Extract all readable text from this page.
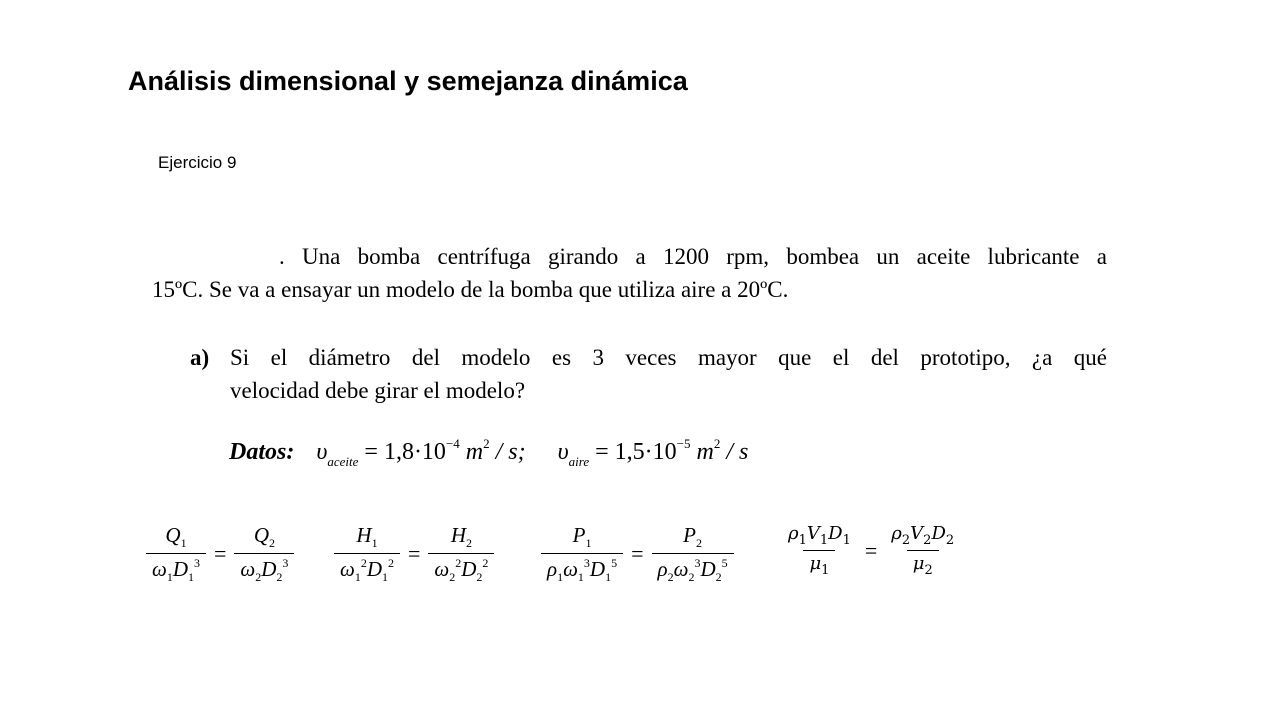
Análisis dimensional y semejanza dinámica
Ejercicio 9
. Una bomba centrífuga girando a 1200 rpm, bombea un aceite lubricante a
15ºC. Se va a ensayar un modelo de la bomba que utiliza aire a 20ºC.
a) Si el diámetro del modelo es 3 veces mayor que el del prototipo, ¿a qué
velocidad debe girar el modelo?
Datos: $\upsilon_{aceite} = 1,8\cdot 10^{-4}$ $m^2$ / s; $\upsilon_{aire} = 1,5\cdot 10^{-5}$ $m^2$ / s
$\frac{Q_1}{\omega_1D_1^3} = \frac{Q_2}{\omega_2D_2^3} \frac{H_1}{\omega_1^2D_1^2} = \frac{H_2}{\omega_2^2D_2^2} \frac{P_1}{\rho_1\omega_1^3D_1^5} = \frac{P_2}{\rho_2\omega_2^3D_2^5}$	$\frac{\rho_1V_1D_1}{\mu_1} = \frac{\rho_2V_2D_2}{\mu_2}$
